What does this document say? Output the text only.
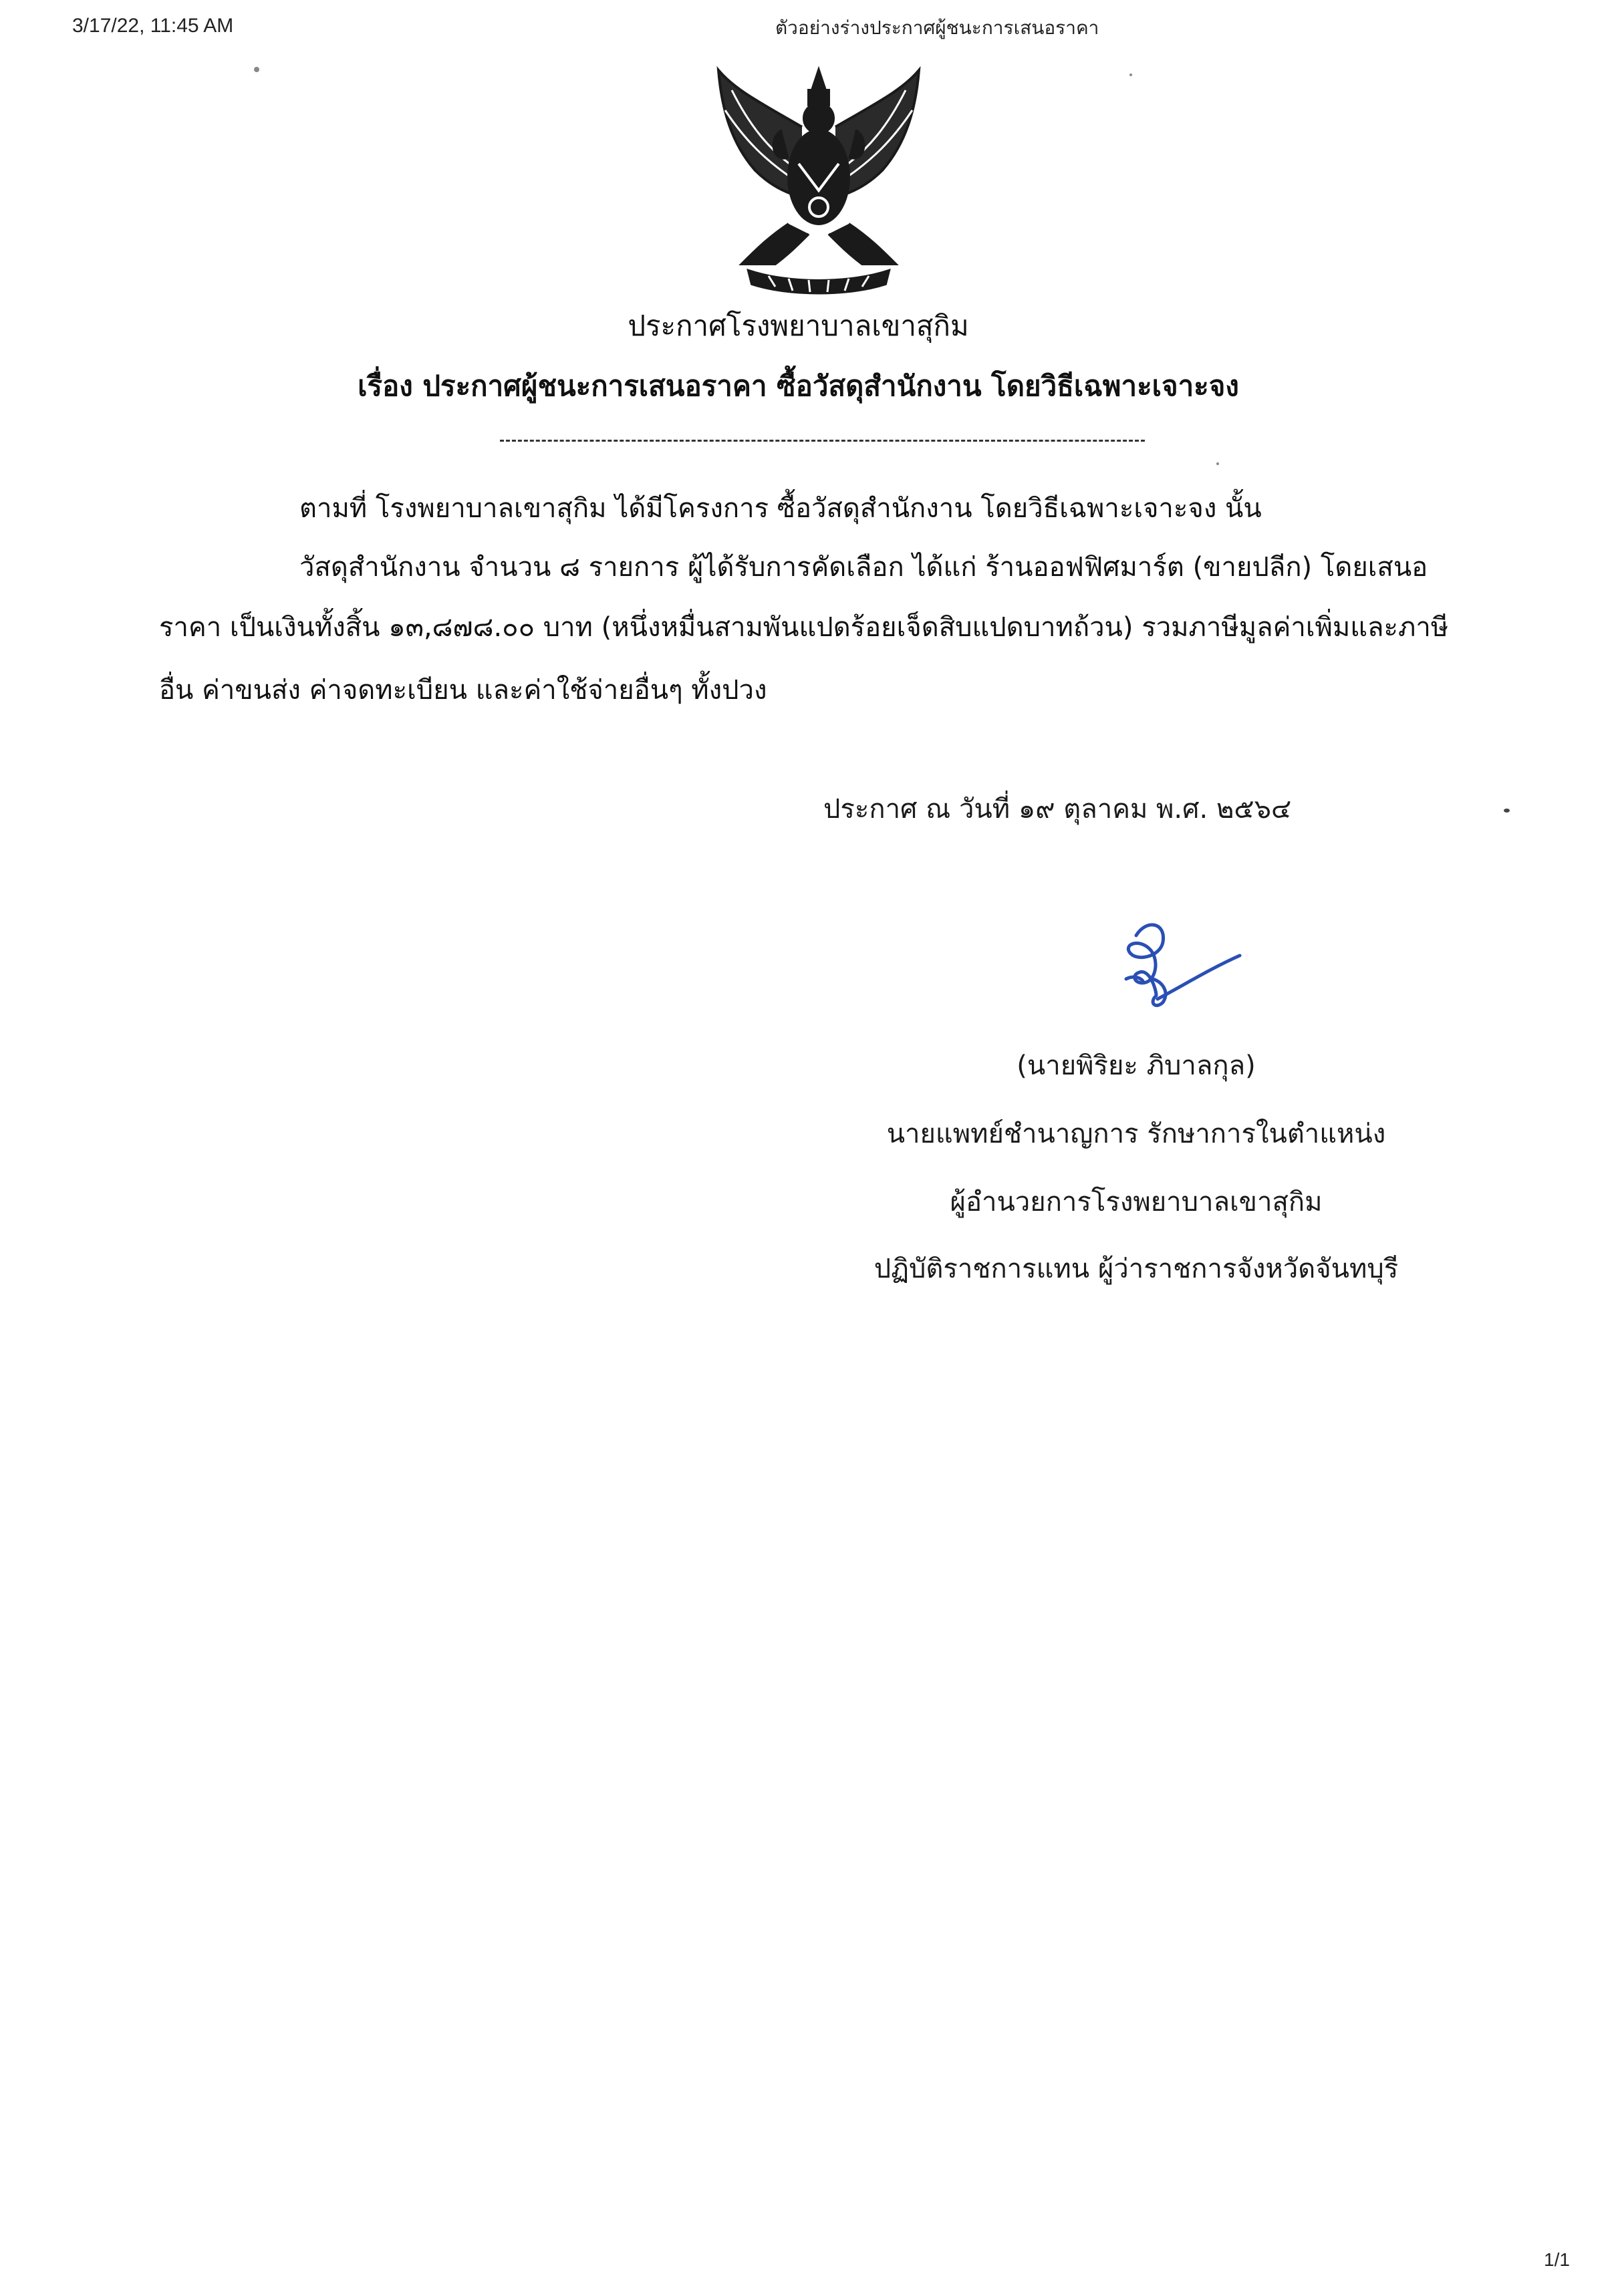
3/17/22, 11:45 AM	ตัวอย่างร่างประกาศผู้ชนะการเสนอราคา
ประกาศโรงพยาบาลเขาสุกิม
เรื่อง ประกาศผู้ชนะการเสนอราคา ซื้อวัสดุสำนักงาน โดยวิธีเฉพาะเจาะจง
ตามที่ โรงพยาบาลเขาสุกิม ได้มีโครงการ ซื้อวัสดุสำนักงาน โดยวิธีเฉพาะเจาะจง นั้น
วัสดุสำนักงาน จำนวน ๘ รายการ ผู้ได้รับการคัดเลือก ได้แก่ ร้านออฟฟิศมาร์ต (ขายปลีก) โดยเสนอ
ราคา เป็นเงินทั้งสิ้น ๑๓,๘๗๘.๐๐ บาท (หนึ่งหมื่นสามพันแปดร้อยเจ็ดสิบแปดบาทถ้วน) รวมภาษีมูลค่าเพิ่มและภาษี
อื่น ค่าขนส่ง ค่าจดทะเบียน และค่าใช้จ่ายอื่นๆ ทั้งปวง
ประกาศ ณ วันที่ ๑๙ ตุลาคม พ.ศ. ๒๕๖๔
(นายพิริยะ ภิบาลกุล)
นายแพทย์ชำนาญการ รักษาการในตำแหน่ง
ผู้อำนวยการโรงพยาบาลเขาสุกิม
ปฏิบัติราชการแทน ผู้ว่าราชการจังหวัดจันทบุรี
1/1
